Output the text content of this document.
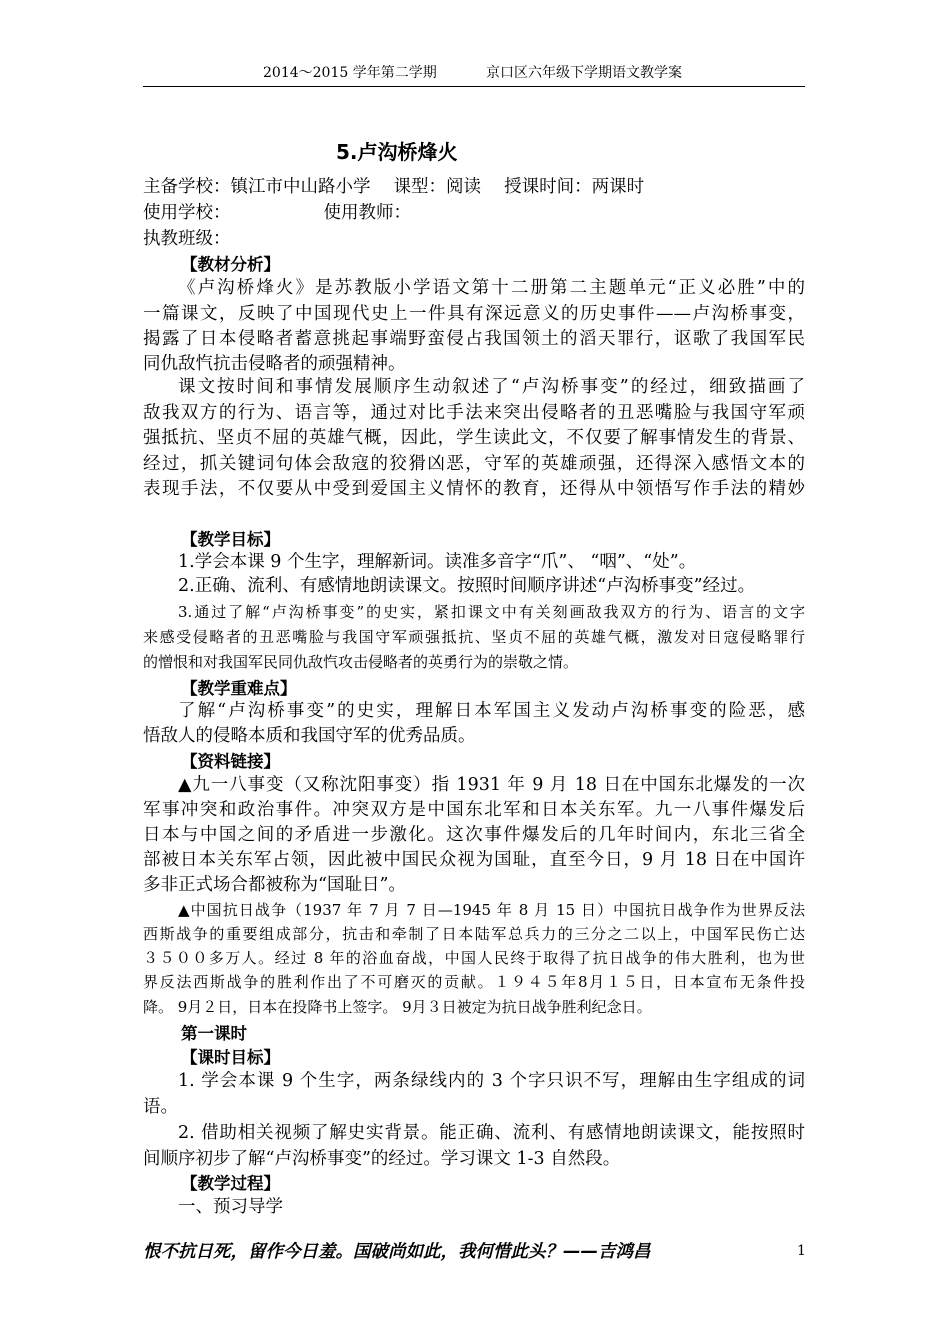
2014～2015 学年第二学期	京口区六年级下学期语文教学案
5.卢沟桥烽火
主备学校：镇江市中山路小学 　课型：阅读 　授课时间：两课时
使用学校： 　　　　　使用教师：
执教班级：
【教材分析】
《卢沟桥烽火》是苏教版小学语文第十二册第二主题单元“正义必胜”中的
一篇课文，反映了中国现代史上一件具有深远意义的历史事件——卢沟桥事变，
揭露了日本侵略者蓄意挑起事端野蛮侵占我国领土的滔天罪行，讴歌了我国军民
同仇敌忾抗击侵略者的顽强精神。
课文按时间和事情发展顺序生动叙述了“卢沟桥事变”的经过，细致描画了
敌我双方的行为、语言等，通过对比手法来突出侵略者的丑恶嘴脸与我国守军顽
强抵抗、坚贞不屈的英雄气概，因此，学生读此文，不仅要了解事情发生的背景、
经过，抓关键词句体会敌寇的狡猾凶恶，守军的英雄顽强，还得深入感悟文本的
表现手法，不仅要从中受到爱国主义情怀的教育，还得从中领悟写作手法的精妙
【教学目标】
1.学会本课 9 个生字，理解新词。读准多音字“爪”、 “咽”、“处”。
2.正确、流利、有感情地朗读课文。按照时间顺序讲述“卢沟桥事变”经过。
3.通过了解“卢沟桥事变”的史实，紧扣课文中有关刻画敌我双方的行为、语言的文字
来感受侵略者的丑恶嘴脸与我国守军顽强抵抗、坚贞不屈的英雄气概，激发对日寇侵略罪行
的憎恨和对我国军民同仇敌忾攻击侵略者的英勇行为的崇敬之情。
【教学重难点】
了解“卢沟桥事变”的史实，理解日本军国主义发动卢沟桥事变的险恶，感
悟敌人的侵略本质和我国守军的优秀品质。
【资料链接】
▲九一八事变（又称沈阳事变）指 1931 年 9 月 18 日在中国东北爆发的一次
军事冲突和政治事件。冲突双方是中国东北军和日本关东军。九一八事件爆发后
日本与中国之间的矛盾进一步激化。这次事件爆发后的几年时间内，东北三省全
部被日本关东军占领，因此被中国民众视为国耻，直至今日，9 月 18 日在中国许
多非正式场合都被称为“国耻日”。
▲中国抗日战争（1937 年 7 月 7 日—1945 年 8 月 15 日）中国抗日战争作为世界反法
西斯战争的重要组成部分，抗击和牵制了日本陆军总兵力的三分之二以上，中国军民伤亡达
３５００多万人。经过 8 年的浴血奋战，中国人民终于取得了抗日战争的伟大胜利，也为世
界反法西斯战争的胜利作出了不可磨灭的贡献。１９４５年8月１５日，日本宣布无条件投
降。 9月２日，日本在投降书上签字。 9月３日被定为抗日战争胜利纪念日。
第一课时
【课时目标】
1. 学会本课 9 个生字，两条绿线内的 3 个字只识不写，理解由生字组成的词
语。
2. 借助相关视频了解史实背景。能正确、流利、有感情地朗读课文，能按照时
间顺序初步了解“卢沟桥事变”的经过。学习课文 1-3 自然段。
【教学过程】
一、预习导学
恨不抗日死，留作今日羞。国破尚如此，我何惜此头？——吉鸿昌	1
